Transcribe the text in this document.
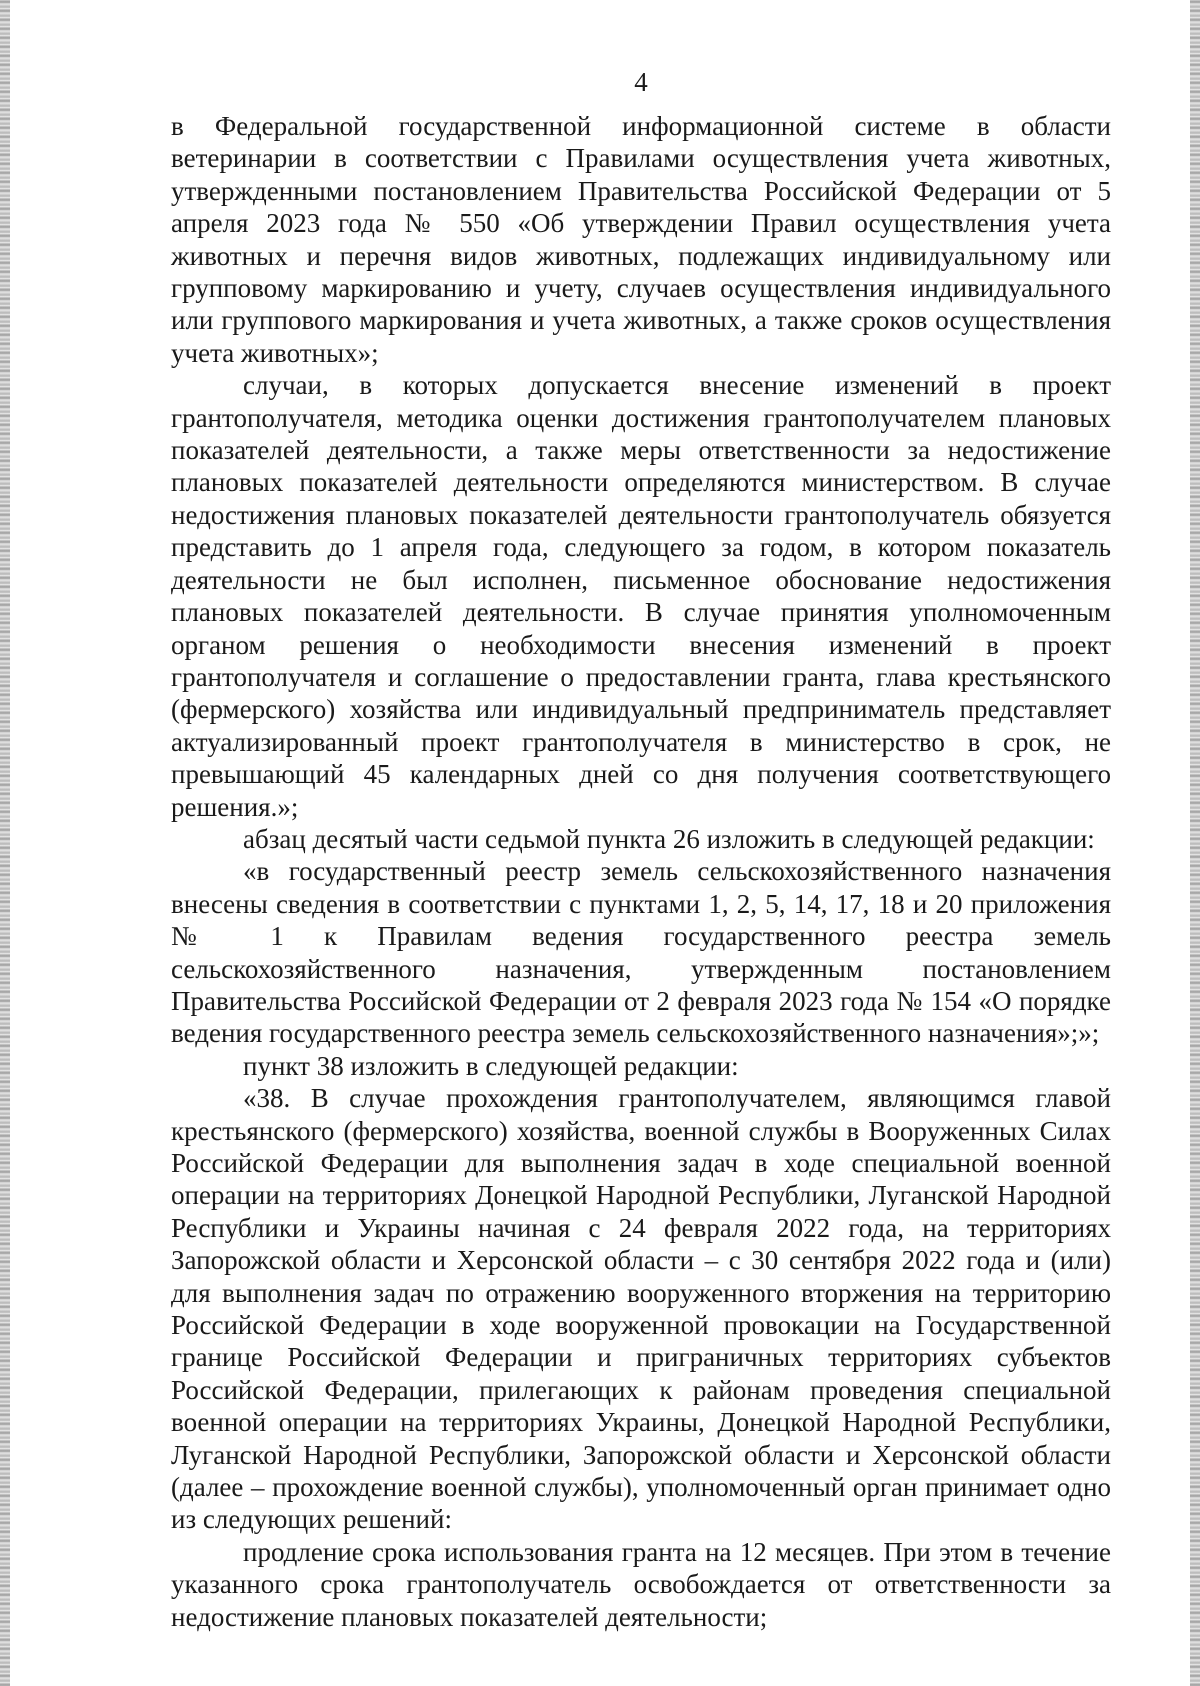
4

в Федеральной государственной информационной системе в области ветеринарии в соответствии с Правилами осуществления учета животных, утвержденными постановлением Правительства Российской Федерации от 5 апреля 2023 года № 550 «Об утверждении Правил осуществления учета животных и перечня видов животных, подлежащих индивидуальному или групповому маркированию и учету, случаев осуществления индивидуального или группового маркирования и учета животных, а также сроков осуществления учета животных»;

случаи, в которых допускается внесение изменений в проект грантополучателя, методика оценки достижения грантополучателем плановых показателей деятельности, а также меры ответственности за недостижение плановых показателей деятельности определяются министерством. В случае недостижения плановых показателей деятельности грантополучатель обязуется представить до 1 апреля года, следующего за годом, в котором показатель деятельности не был исполнен, письменное обоснование недостижения плановых показателей деятельности. В случае принятия уполномоченным органом решения о необходимости внесения изменений в проект грантополучателя и соглашение о предоставлении гранта, глава крестьянского (фермерского) хозяйства или индивидуальный предприниматель представляет актуализированный проект грантополучателя в министерство в срок, не превышающий 45 календарных дней со дня получения соответствующего решения.»;

абзац десятый части седьмой пункта 26 изложить в следующей редакции:

«в государственный реестр земель сельскохозяйственного назначения внесены сведения в соответствии с пунктами 1, 2, 5, 14, 17, 18 и 20 приложения № 1 к Правилам ведения государственного реестра земель сельскохозяйственного назначения, утвержденным постановлением Правительства Российской Федерации от 2 февраля 2023 года № 154 «О порядке ведения государственного реестра земель сельскохозяйственного назначения»;»;

пункт 38 изложить в следующей редакции:

«38. В случае прохождения грантополучателем, являющимся главой крестьянского (фермерского) хозяйства, военной службы в Вооруженных Силах Российской Федерации для выполнения задач в ходе специальной военной операции на территориях Донецкой Народной Республики, Луганской Народной Республики и Украины начиная с 24 февраля 2022 года, на территориях Запорожской области и Херсонской области – с 30 сентября 2022 года и (или) для выполнения задач по отражению вооруженного вторжения на территорию Российской Федерации в ходе вооруженной провокации на Государственной границе Российской Федерации и приграничных территориях субъектов Российской Федерации, прилегающих к районам проведения специальной военной операции на территориях Украины, Донецкой Народной Республики, Луганской Народной Республики, Запорожской области и Херсонской области (далее – прохождение военной службы), уполномоченный орган принимает одно из следующих решений:

продление срока использования гранта на 12 месяцев. При этом в течение указанного срока грантополучатель освобождается от ответственности за недостижение плановых показателей деятельности;
